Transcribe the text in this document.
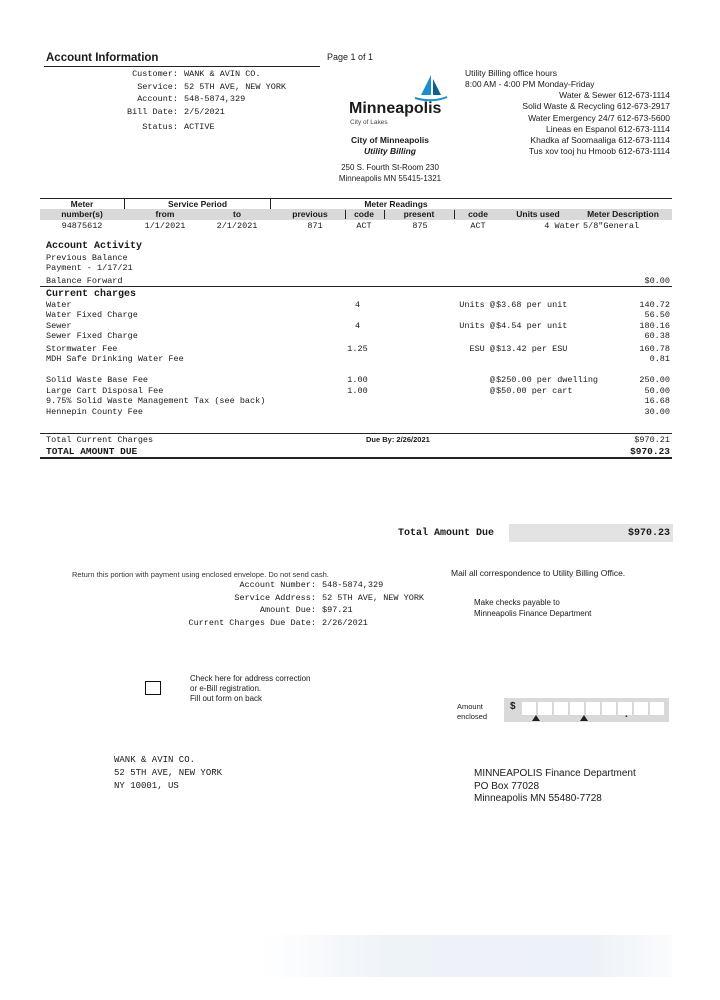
Account Information
Customer: WANK & AVIN CO.
Service: 52 5TH AVE, NEW YORK
Account: 548-5874,329
Bill Date: 2/5/2021
Status: ACTIVE
Page 1 of 1
Minneapolis
City of Lakes
City of Minneapolis
Utility Billing
250 S. Fourth St-Room 230
Minneapolis MN 55415-1321
Utility Billing office hours
8:00 AM - 4:00 PM Monday-Friday
Water & Sewer 612-673-1114
Solid Waste & Recycling 612-673-2917
Water Emergency 24/7 612-673-5600
Lineas en Espanol 612-673-1114
Khadka af Soomaaliga 612-673-1114
Tus xov tooj hu Hmoob 612-673-1114
Meter	Service Period	Meter Readings
number(s)	from	to	previous	code	present	code	Units used	Meter Description
94875612	1/1/2021	2/1/2021	871	ACT	875	ACT	4 Water 5/8"General
Account Activity
Previous Balance
Payment - 1/17/21
Balance Forward	$0.00
Current charges
Water	4	Units @ $3.68 per unit	140.72
Water Fixed Charge	56.50
Sewer	4	Units @ $4.54 per unit	180.16
Sewer Fixed Charge	60.38
Stormwater Fee	1.25	ESU @ $13.42 per ESU	160.78
MDH Safe Drinking Water Fee	0.81
Solid Waste Base Fee	1.00	@ $250.00 per dwelling	250.00
Large Cart Disposal Fee	1.00	@ $50.00 per cart	50.00
9.75% Solid Waste Management Tax (see back)	16.68
Hennepin County Fee	30.00
Total Current Charges	Due By: 2/26/2021	$970.21
TOTAL AMOUNT DUE	$970.23
Total Amount Due	$970.23
Return this portion with payment using enclosed envelope. Do not send cash.
Account Number: 548-5874,329
Service Address: 52 5TH AVE, NEW YORK
Amount Due: $97.21
Current Charges Due Date: 2/26/2021
Mail all correspondence to Utility Billing Office.
Make checks payable to
Minneapolis Finance Department
Check here for address correction
or e-Bill registration.
Fill out form on back
Amount
enclosed
$
.
WANK & AVIN CO.
52 5TH AVE, NEW YORK
NY 10001, US
MINNEAPOLIS Finance Department
PO Box 77028
Minneapolis MN 55480-7728
